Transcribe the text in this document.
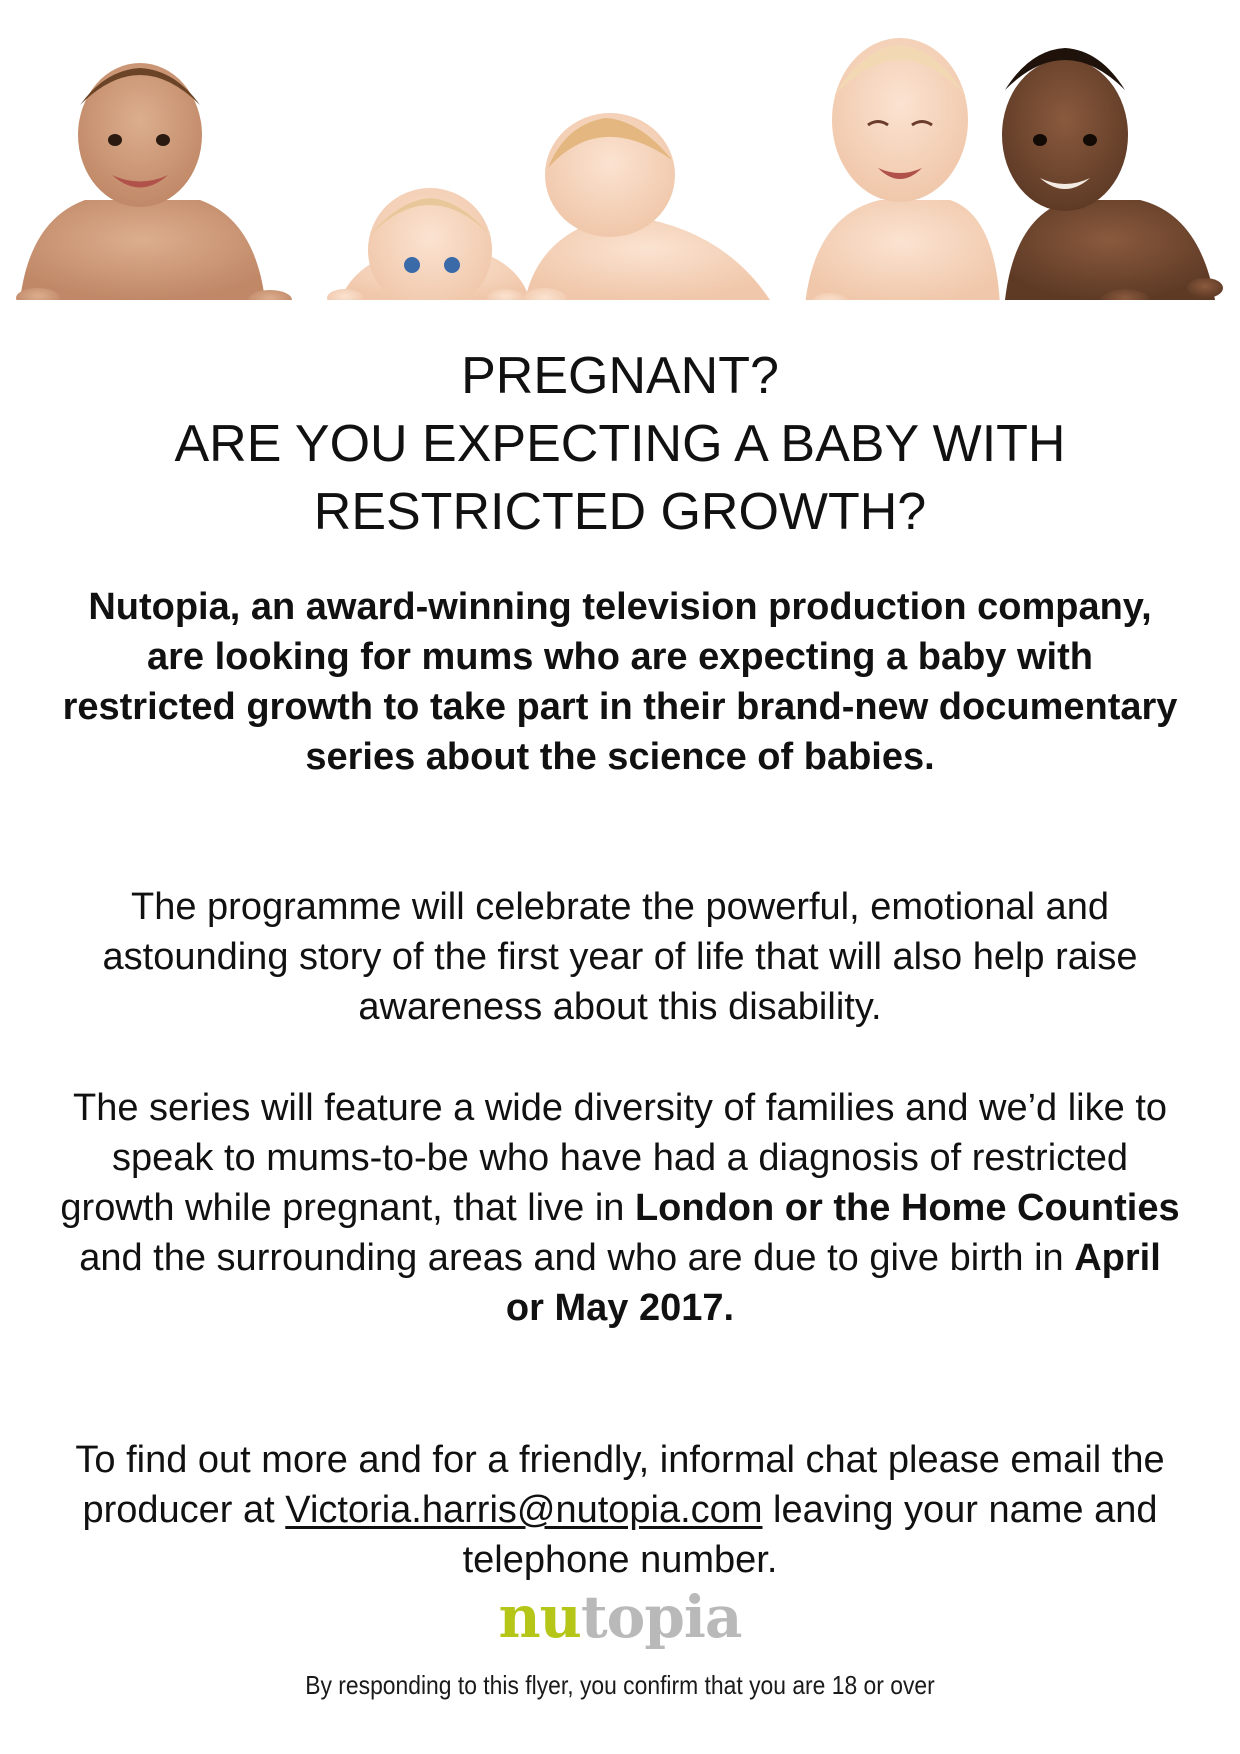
PREGNANT?
ARE YOU EXPECTING A BABY WITH
RESTRICTED GROWTH?

Nutopia, an award-winning television production company, are looking for mums who are expecting a baby with restricted growth to take part in their brand-new documentary series about the science of babies.

The programme will celebrate the powerful, emotional and astounding story of the first year of life that will also help raise awareness about this disability.

The series will feature a wide diversity of families and we’d like to speak to mums-to-be who have had a diagnosis of restricted growth while pregnant, that live in London or the Home Counties and the surrounding areas and who are due to give birth in April or May 2017.

To find out more and for a friendly, informal chat please email the producer at Victoria.harris@nutopia.com leaving your name and telephone number.

nutopia
By responding to this flyer, you confirm that you are 18 or over
